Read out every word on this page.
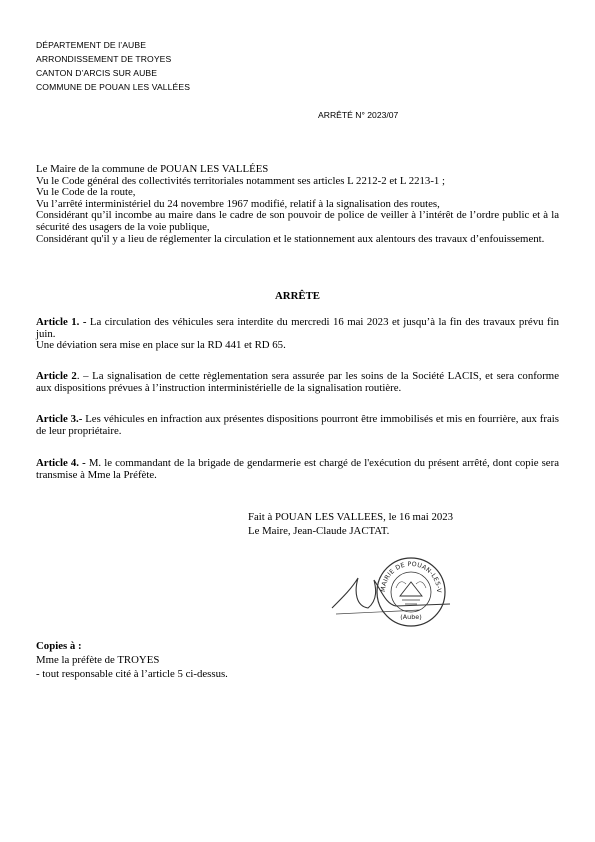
DÉPARTEMENT DE l’AUBE
ARRONDISSEMENT DE TROYES
CANTON D’ARCIS SUR AUBE
COMMUNE DE POUAN LES VALLÉES
ARRÊTÉ N° 2023/07
Le Maire de la commune de POUAN LES VALLÉES
Vu le Code général des collectivités territoriales notamment ses articles L 2212-2 et L 2213-1 ;
Vu le Code de la route,
Vu l’arrêté interministériel du 24 novembre 1967 modifié, relatif à la signalisation des routes,
Considérant qu’il incombe au maire dans le cadre de son pouvoir de police de veiller à l’intérêt de l’ordre public et à la sécurité des usagers de la voie publique,
Considérant qu'il y a lieu de réglementer la circulation et le stationnement aux alentours des travaux d’enfouissement.
ARRÊTE
Article 1. - La circulation des véhicules sera interdite du mercredi 16 mai 2023 et jusqu’à la fin des travaux prévu fin juin.
Une déviation sera mise en place sur la RD 441 et RD 65.
Article 2. – La signalisation de cette règlementation sera assurée par les soins de la Société LACIS, et sera conforme aux dispositions prévues à l’instruction interministérielle de la signalisation routière.
Article 3.- Les véhicules en infraction aux présentes dispositions pourront être immobilisés et mis en fourrière, aux frais de leur propriétaire.
Article 4. - M. le commandant de la brigade de gendarmerie est chargé de l'exécution du présent arrêté, dont copie sera transmise à Mme la Préfète.
Fait à POUAN LES VALLEES, le 16 mai 2023
Le Maire, Jean-Claude JACTAT.
MAIRIE DE POUAN-LES-V
(Aube)
Copies à :
Mme la préfète de TROYES
- tout responsable cité à l’article 5 ci-dessus.
